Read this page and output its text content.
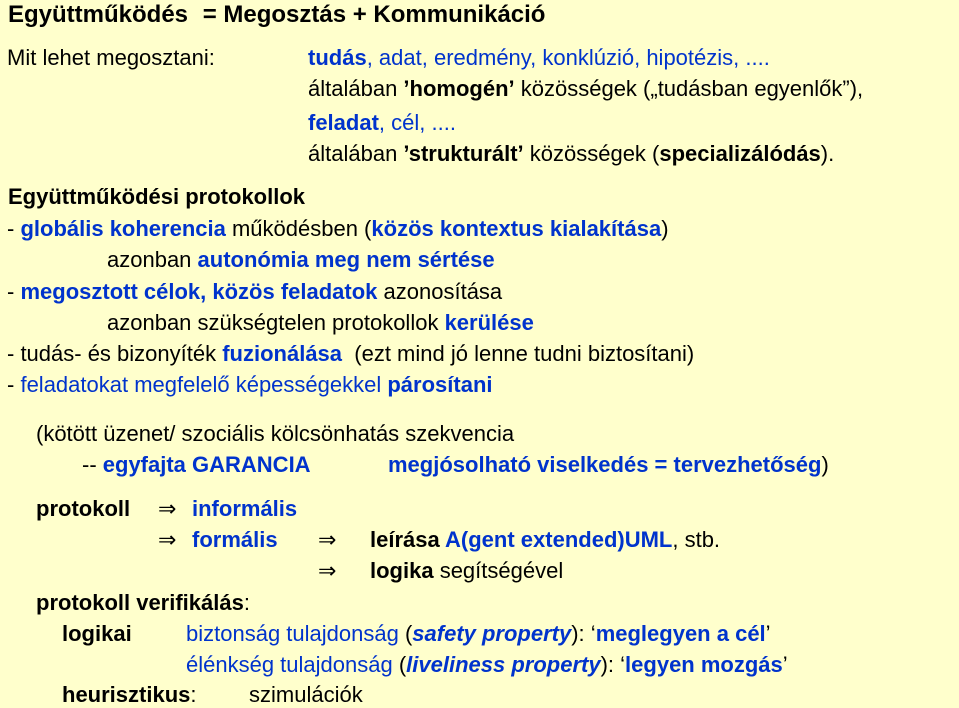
Együttműködés = Megosztás + Kommunikáció
Mit lehet megosztani:	tudás, adat, eredmény, konklúzió, hipotézis, ....
általában ’homogén’ közösségek („tudásban egyenlők”),
feladat, cél, ....
általában ’strukturált’ közösségek (specializálódás).
Együttműködési protokollok
- globális koherencia működésben (közös kontextus kialakítása)
azonban autonómia meg nem sértése
- megosztott célok, közös feladatok azonosítása
azonban szükségtelen protokollok kerülése
- tudás- és bizonyíték fuzionálása  (ezt mind jó lenne tudni biztosítani)
- feladatokat megfelelő képességekkel párosítani
(kötött üzenet/ szociális kölcsönhatás szekvencia
-- egyfajta GARANCIA	megjósolható viselkedés = tervezhetőség)
protokoll ⇒ informális
⇒ formális ⇒ leírása A(gent extended)UML, stb.
⇒ logika segítségével
protokoll verifikálás:
logikai biztonság tulajdonság (safety property): ‘meglegyen a cél’
élénkség tulajdonság (liveliness property): ‘legyen mozgás’
heurisztikus: szimulációk
